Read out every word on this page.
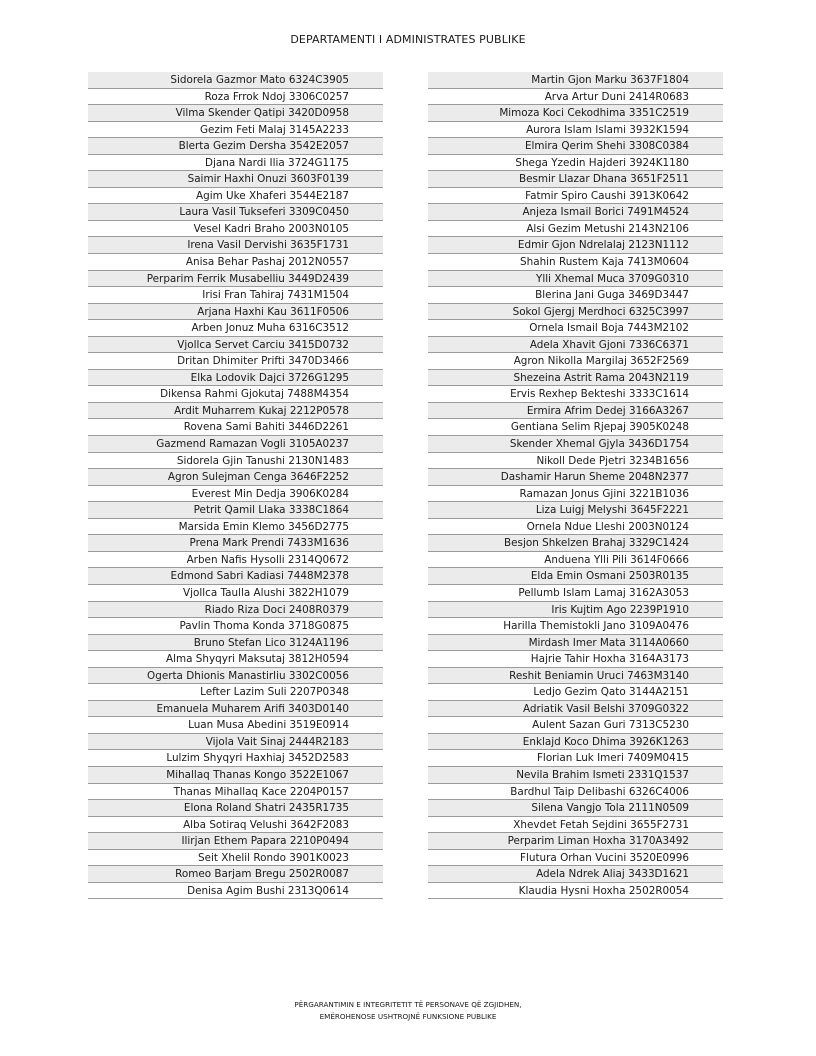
DEPARTAMENTI I ADMINISTRATES PUBLIKE
Sidorela Gazmor Mato 6324C3905
Roza Frrok Ndoj 3306C0257
Vilma Skender Qatipi 3420D0958
Gezim Feti Malaj 3145A2233
Blerta Gezim Dersha 3542E2057
Djana Nardi Ilia 3724G1175
Saimir Haxhi Onuzi 3603F0139
Agim Uke Xhaferi 3544E2187
Laura Vasil Tukseferi 3309C0450
Vesel Kadri Braho 2003N0105
Irena Vasil Dervishi 3635F1731
Anisa Behar Pashaj 2012N0557
Perparim Ferrik Musabelliu 3449D2439
Irisi Fran Tahiraj 7431M1504
Arjana Haxhi Kau 3611F0506
Arben Jonuz Muha 6316C3512
Vjollca Servet Carciu 3415D0732
Dritan Dhimiter Prifti 3470D3466
Elka Lodovik Dajci 3726G1295
Dikensa Rahmi Gjokutaj 7488M4354
Ardit Muharrem Kukaj 2212P0578
Rovena Sami Bahiti 3446D2261
Gazmend Ramazan Vogli 3105A0237
Sidorela Gjin Tanushi 2130N1483
Agron Sulejman Cenga 3646F2252
Everest Min Dedja 3906K0284
Petrit Qamil Llaka 3338C1864
Marsida Emin Klemo 3456D2775
Prena Mark Prendi 7433M1636
Arben Nafis Hysolli 2314Q0672
Edmond Sabri Kadiasi 7448M2378
Vjollca Taulla Alushi 3822H1079
Riado Riza Doci 2408R0379
Pavlin Thoma Konda 3718G0875
Bruno Stefan Lico 3124A1196
Alma Shyqyri Maksutaj 3812H0594
Ogerta Dhionis Manastirliu 3302C0056
Lefter Lazim Suli 2207P0348
Emanuela Muharem Arifi 3403D0140
Luan Musa Abedini 3519E0914
Vijola Vait Sinaj 2444R2183
Lulzim Shyqyri Haxhiaj 3452D2583
Mihallaq Thanas Kongo 3522E1067
Thanas Mihallaq Kace 2204P0157
Elona Roland Shatri 2435R1735
Alba Sotiraq Velushi 3642F2083
Ilirjan Ethem Papara 2210P0494
Seit Xhelil Rondo 3901K0023
Romeo Barjam Bregu 2502R0087
Denisa Agim Bushi 2313Q0614
Martin Gjon Marku 3637F1804
Arva Artur Duni 2414R0683
Mimoza Koci Cekodhima 3351C2519
Aurora Islam Islami 3932K1594
Elmira Qerim Shehi 3308C0384
Shega Yzedin Hajderi 3924K1180
Besmir Llazar Dhana 3651F2511
Fatmir Spiro Caushi 3913K0642
Anjeza Ismail Borici 7491M4524
Alsi Gezim Metushi 2143N2106
Edmir Gjon Ndrelalaj 2123N1112
Shahin Rustem Kaja 7413M0604
Ylli Xhemal Muca 3709G0310
Blerina Jani Guga 3469D3447
Sokol Gjergj Merdhoci 6325C3997
Ornela Ismail Boja 7443M2102
Adela Xhavit Gjoni 7336C6371
Agron Nikolla Margilaj 3652F2569
Shezeina Astrit Rama 2043N2119
Ervis Rexhep Bekteshi 3333C1614
Ermira Afrim Dedej 3166A3267
Gentiana Selim Rjepaj 3905K0248
Skender Xhemal Gjyla 3436D1754
Nikoll Dede Pjetri 3234B1656
Dashamir Harun Sheme 2048N2377
Ramazan Jonus Gjini 3221B1036
Liza Luigj Melyshi 3645F2221
Ornela Ndue Lleshi 2003N0124
Besjon Shkelzen Brahaj 3329C1424
Anduena Ylli Pili 3614F0666
Elda Emin Osmani 2503R0135
Pellumb Islam Lamaj 3162A3053
Iris Kujtim Ago 2239P1910
Harilla Themistokli Jano 3109A0476
Mirdash Imer Mata 3114A0660
Hajrie Tahir Hoxha 3164A3173
Reshit Beniamin Uruci 7463M3140
Ledjo Gezim Qato 3144A2151
Adriatik Vasil Belshi 3709G0322
Aulent Sazan Guri 7313C5230
Enklajd Koco Dhima 3926K1263
Florian Luk Imeri 7409M0415
Nevila Brahim Ismeti 2331Q1537
Bardhul Taip Delibashi 6326C4006
Silena Vangjo Tola 2111N0509
Xhevdet Fetah Sejdini 3655F2731
Perparim Liman Hoxha 3170A3492
Flutura Orhan Vucini 3520E0996
Adela Ndrek Aliaj 3433D1621
Klaudia Hysni Hoxha 2502R0054
PËRGARANTIMIN E INTEGRITETIT TË PERSONAVE QË ZGJIDHEN,
EMËROHENOSE USHTROJNË FUNKSIONE PUBLIKE
